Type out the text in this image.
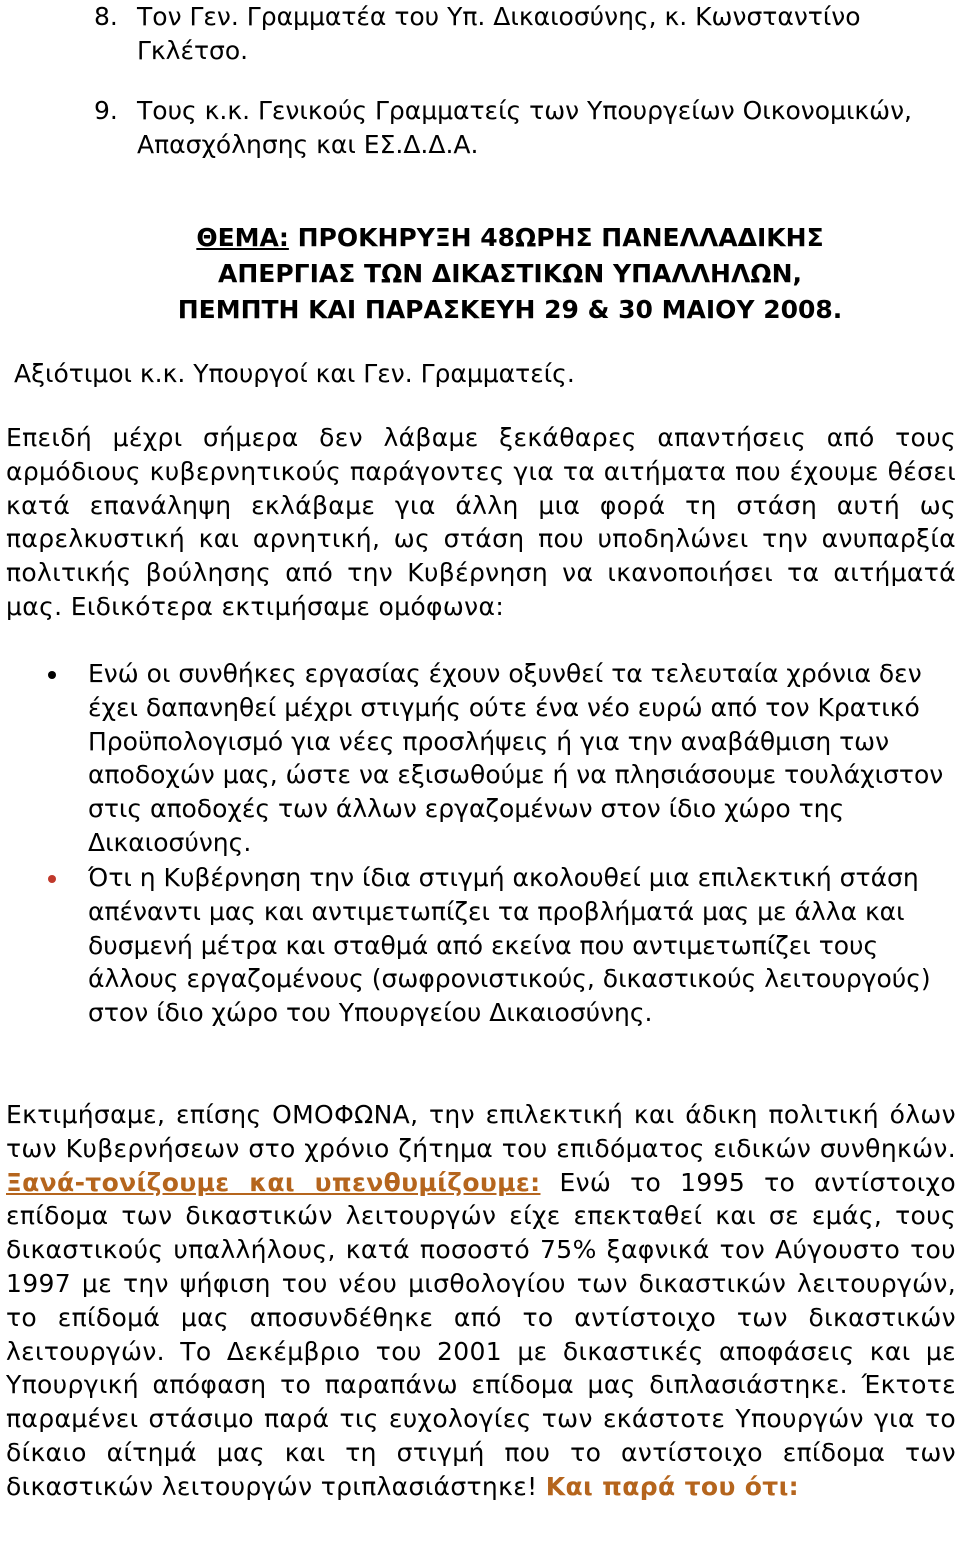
8. Τον Γεν. Γραμματέα του Υπ. Δικαιοσύνης, κ. Κωνσταντίνο Γκλέτσο.
9. Τους κ.κ. Γενικούς Γραμματείς των Υπουργείων Οικονομικών, Απασχόλησης και ΕΣ.Δ.Δ.Α.
ΘΕΜΑ: ΠΡΟΚΗΡΥΞΗ 48ΩΡΗΣ ΠΑΝΕΛΛΑΔΙΚΗΣ
ΑΠΕΡΓΙΑΣ ΤΩΝ ΔΙΚΑΣΤΙΚΩΝ ΥΠΑΛΛΗΛΩΝ,
ΠΕΜΠΤΗ ΚΑΙ ΠΑΡΑΣΚΕΥΗ 29 & 30 ΜΑΙΟΥ 2008.
Αξιότιμοι κ.κ. Υπουργοί και Γεν. Γραμματείς.
Επειδή μέχρι σήμερα δεν λάβαμε ξεκάθαρες απαντήσεις από τους αρμόδιους κυβερνητικούς παράγοντες για τα αιτήματα που έχουμε θέσει κατά επανάληψη εκλάβαμε για άλλη μια φορά τη στάση αυτή ως παρελκυστική και αρνητική, ως στάση που υποδηλώνει την ανυπαρξία πολιτικής βούλησης από την Κυβέρνηση να ικανοποιήσει τα αιτήματά μας. Ειδικότερα εκτιμήσαμε ομόφωνα:
Ενώ οι συνθήκες εργασίας έχουν οξυνθεί τα τελευταία χρόνια δεν έχει δαπανηθεί μέχρι στιγμής ούτε ένα νέο ευρώ από τον Κρατικό Προϋπολογισμό για νέες προσλήψεις ή για την αναβάθμιση των αποδοχών μας, ώστε να εξισωθούμε ή να πλησιάσουμε τουλάχιστον στις αποδοχές των άλλων εργαζομένων στον ίδιο χώρο της Δικαιοσύνης.
Ότι η Κυβέρνηση την ίδια στιγμή ακολουθεί μια επιλεκτική στάση απέναντι μας και αντιμετωπίζει τα προβλήματά μας με άλλα και δυσμενή μέτρα και σταθμά από εκείνα που αντιμετωπίζει τους άλλους εργαζομένους (σωφρονιστικούς, δικαστικούς λειτουργούς) στον ίδιο χώρο του Υπουργείου Δικαιοσύνης.
Εκτιμήσαμε, επίσης ΟΜΟΦΩΝΑ, την επιλεκτική και άδικη πολιτική όλων των Κυβερνήσεων στο χρόνιο ζήτημα του επιδόματος ειδικών συνθηκών. Ξανά-τονίζουμε και υπενθυμίζουμε: Ενώ το 1995 το αντίστοιχο επίδομα των δικαστικών λειτουργών είχε επεκταθεί και σε εμάς, τους δικαστικούς υπαλλήλους, κατά ποσοστό 75% ξαφνικά τον Αύγουστο του 1997 με την ψήφιση του νέου μισθολογίου των δικαστικών λειτουργών, το επίδομά μας αποσυνδέθηκε από το αντίστοιχο των δικαστικών λειτουργών. Το Δεκέμβριο του 2001 με δικαστικές αποφάσεις και με Υπουργική απόφαση το παραπάνω επίδομα μας διπλασιάστηκε. Έκτοτε παραμένει στάσιμο παρά τις ευχολογίες των εκάστοτε Υπουργών για το δίκαιο αίτημά μας και τη στιγμή που το αντίστοιχο επίδομα των δικαστικών λειτουργών τριπλασιάστηκε! Και παρά του ότι:
